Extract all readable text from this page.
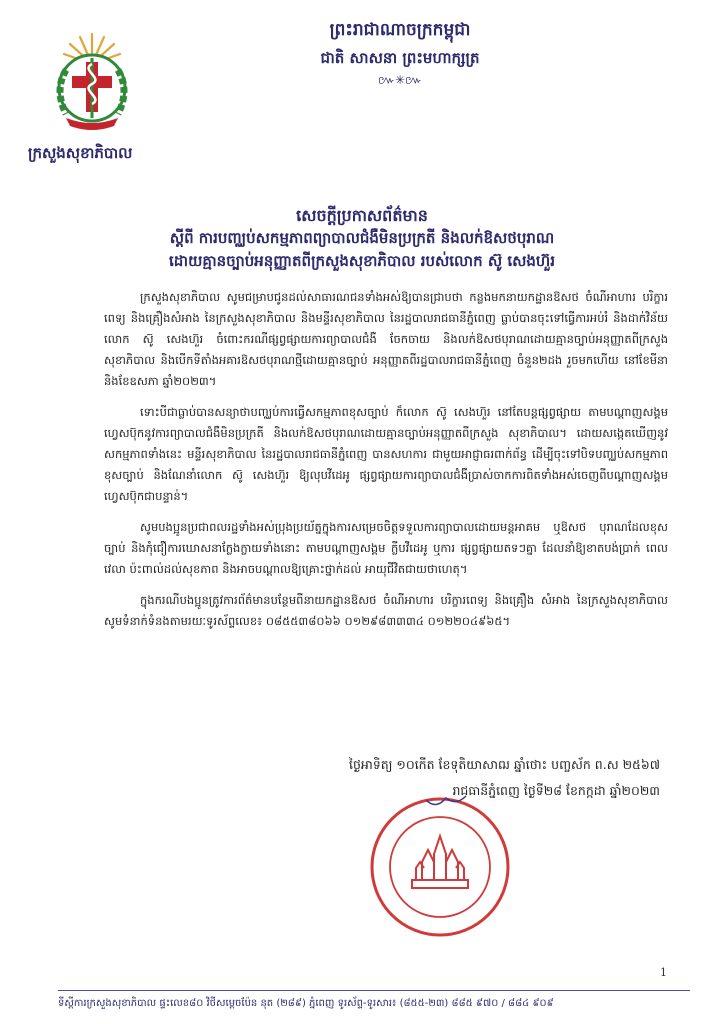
ព្រះរាជាណាចក្រកម្ពុជា
ជាតិ សាសនា ព្រះមហាក្សត្រ
៚✳៚
ក្រសួងសុខាភិបាល
សេចក្តីប្រកាសព័ត៌មាន
ស្តីពី ការបញ្ឈប់សកម្មភាពព្យាបាលជំងឺមិនប្រក្រតី និងលក់ឱសថបុរាណ
ដោយគ្មានច្បាប់អនុញ្ញាតពីក្រសួងសុខាភិបាល របស់លោក ស៊ូ សេងហ៊ួរ

ក្រសួងសុខាភិបាល សូមជម្រាបជូនដល់សាធារណជនទាំងអស់ឱ្យបានជ្រាបថា កន្លងមកនាយកដ្ឋានឱសថ ចំណីអាហារ បរិក្ខារពេទ្យ និងគ្រឿងសំអាង នៃក្រសួងសុខាភិបាល និងមន្ទីរសុខាភិបាល នៃរដ្ឋបាលរាជធានីភ្នំពេញ ធ្លាប់បានចុះទៅធ្វើការអប់រំ និងដាក់វិន័យលោក ស៊ូ សេងហ៊ួរ ចំពោះករណីផ្សព្វផ្សាយការព្យាបាលជំងឺ ចែកចាយ និងលក់ឱសថបុរាណដោយគ្មានច្បាប់អនុញ្ញាតពីក្រសួងសុខាភិបាល និងបើកទីតាំងអគារឱសថបុរាណថ្មីដោយគ្មានច្បាប់ អនុញ្ញាតពីរដ្ឋបាលរាជធានីភ្នំពេញ ចំនួន២ដង រួចមកហើយ នៅខែមីនា និងខែឧសភា ឆ្នាំ២០២៣។

ទោះបីជាធ្លាប់បានសន្យាថាបញ្ឈប់ការធ្វើសកម្មភាពខុសច្បាប់ ក៏លោក ស៊ូ សេងហ៊ួរ នៅតែបន្តផ្សព្វផ្សាយ តាមបណ្តាញសង្គមហ្វេសប៊ុកនូវការព្យាបាលជំងឺមិនប្រក្រតី និងលក់ឱសថបុរាណដោយគ្មានច្បាប់អនុញ្ញាតពីក្រសួង សុខាភិបាល។ ដោយសង្កេតឃើញនូវសកម្មភាពទាំងនេះ មន្ទីរសុខាភិបាល នៃរដ្ឋបាលរាជធានីភ្នំពេញ បានសហការ ជាមួយអាជ្ញាធរពាក់ព័ន្ធ ដើម្បីចុះទៅបិទបញ្ឈប់សកម្មភាពខុសច្បាប់ និងណែនាំលោក ស៊ូ សេងហ៊ួរ ឱ្យលុបវីដេអូ ផ្សព្វផ្សាយការព្យាបាលជំងឺប្រាស់ចាកការពិតទាំងអស់ចេញពីបណ្តាញសង្គមហ្វេសប៊ុកជាបន្ទាន់។

សូមបងប្អូនប្រជាពលរដ្ឋទាំងអស់ប្រុងប្រយ័ត្នក្នុងការសម្រេចចិត្តទទួលការព្យាបាលដោយមន្តអាគម ឬឱសថ បុរាណដែលខុសច្បាប់ និងកុំជឿការឃោសនាក្លែងក្លាយទាំងនោះ តាមបណ្តាញសង្គម ក្លីបវីដេអូ ឬការ ផ្សព្វផ្សាយតទៗគ្នា ដែលនាំឱ្យខាតបង់ប្រាក់ ពេលវេលា ប៉ះពាល់ដល់សុខភាព និងអាចបណ្តាលឱ្យគ្រោះថ្នាក់ដល់ អាយុជីវិតជាយថាហេតុ។

ក្នុងករណីបងប្អូនត្រូវការព័ត៌មានបន្ថែមពីនាយកដ្ឋានឱសថ ចំណីអាហារ បរិក្ខារពេទ្យ និងគ្រឿង សំអាង នៃក្រសួងសុខាភិបាល សូមទំនាក់ទំនងតាមរយៈទូរស័ព្ទលេខ៖ ០៨៥៥៣៨០៦៦ ០១២៩៨៣៣៣៤ ០១២២០៤៩៦៥។

ថ្ងៃអាទិត្យ ១០កើត ខែទុតិយាសាឍ ឆ្នាំថោះ បញ្ចស័ក ព.ស ២៥៦៧
រាជធានីភ្នំពេញ ថ្ងៃទី២៨ ខែកក្កដា ឆ្នាំ២០២៣
1
ទីស្តីការក្រសួងសុខាភិបាល ផ្ទះលេខ៨០ វិថីសម្តេចប៉ែន នុត (២៨៩) ភ្នំពេញ ទូរស័ព្ទ-ទូរសារ៖ (៨៥៥-២៣) ៨៨៥ ៩៧០ / ៨៨៤ ៩០៩
